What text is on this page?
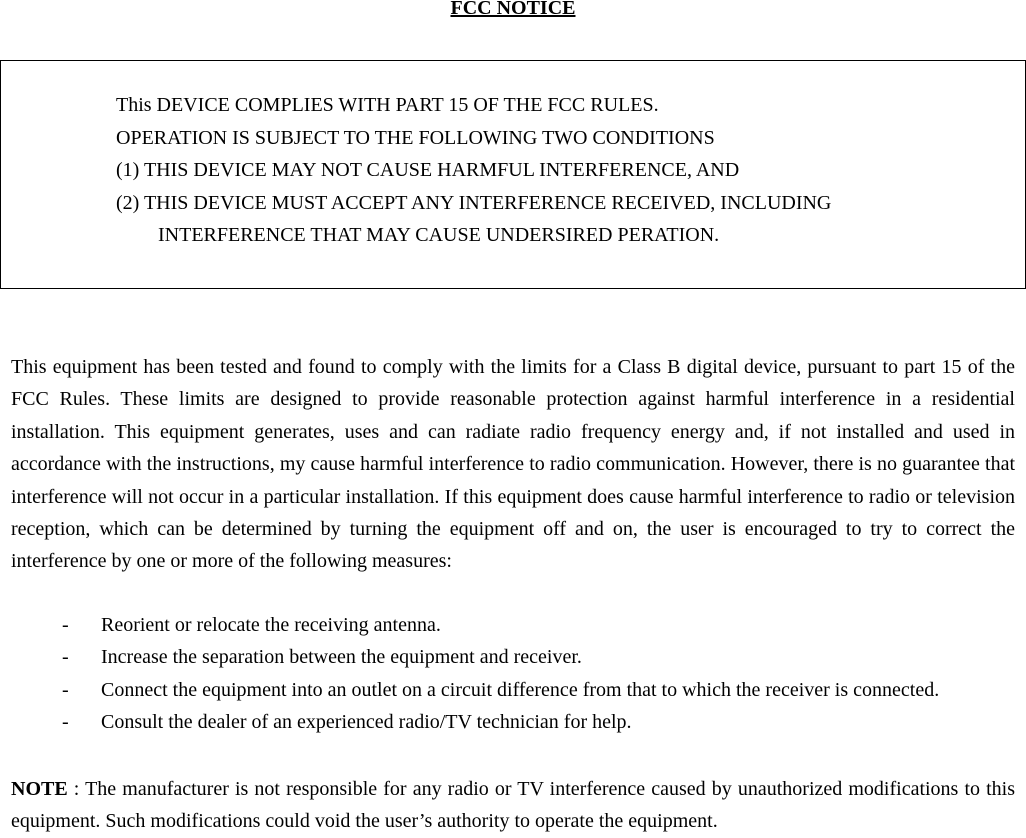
FCC NOTICE
This DEVICE COMPLIES WITH PART 15 OF THE FCC RULES.
OPERATION IS SUBJECT TO THE FOLLOWING TWO CONDITIONS
(1) THIS DEVICE MAY NOT CAUSE HARMFUL INTERFERENCE, AND
(2) THIS DEVICE MUST ACCEPT ANY INTERFERENCE RECEIVED, INCLUDING
INTERFERENCE THAT MAY CAUSE UNDERSIRED PERATION.
This equipment has been tested and found to comply with the limits for a Class B digital device, pursuant to part 15 of the FCC Rules. These limits are designed to provide reasonable protection against harmful interference in a residential installation. This equipment generates, uses and can radiate radio frequency energy and, if not installed and used in accordance with the instructions, my cause harmful interference to radio communication. However, there is no guarantee that interference will not occur in a particular installation. If this equipment does cause harmful interference to radio or television reception, which can be determined by turning the equipment off and on, the user is encouraged to try to correct the interference by one or more of the following measures:
- Reorient or relocate the receiving antenna.
- Increase the separation between the equipment and receiver.
- Connect the equipment into an outlet on a circuit difference from that to which the receiver is connected.
- Consult the dealer of an experienced radio/TV technician for help.
NOTE : The manufacturer is not responsible for any radio or TV interference caused by unauthorized modifications to this equipment. Such modifications could void the user’s authority to operate the equipment.
